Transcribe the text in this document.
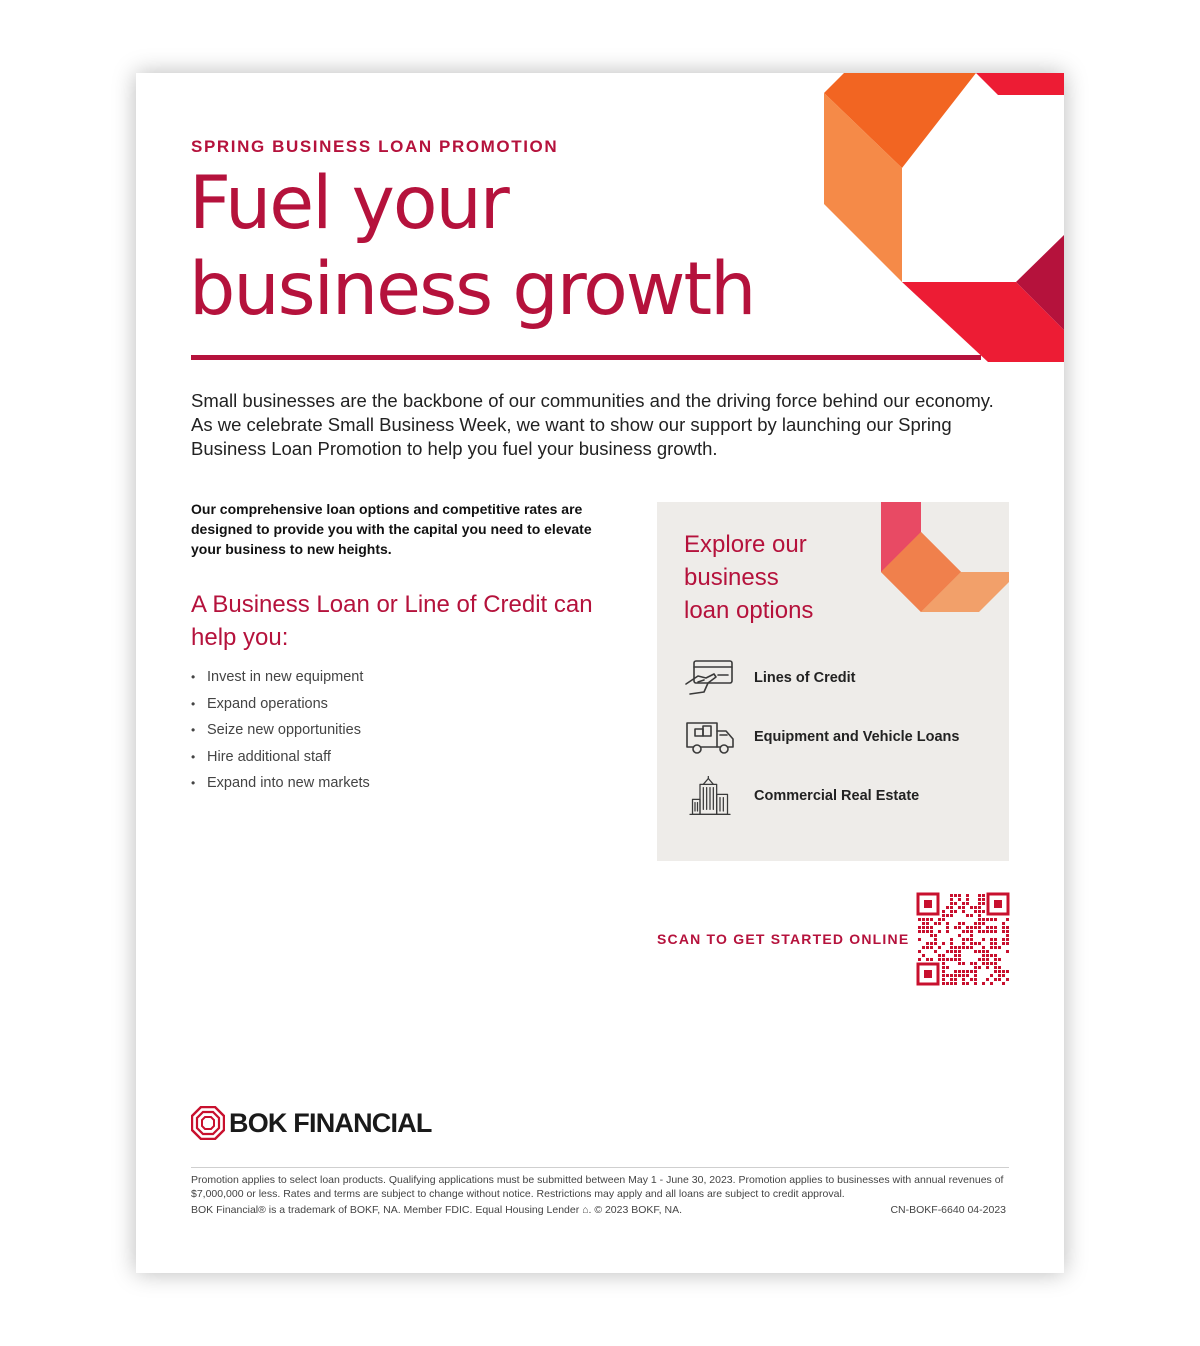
SPRING BUSINESS LOAN PROMOTION
Fuel your
business growth
Small businesses are the backbone of our communities and the driving force behind our economy. As we celebrate Small Business Week, we want to show our support by launching our Spring Business Loan Promotion to help you fuel your business growth.
Our comprehensive loan options and competitive rates are designed to provide you with the capital you need to elevate your business to new heights.
A Business Loan or Line of Credit can help you:
• Invest in new equipment
• Expand operations
• Seize new opportunities
• Hire additional staff
• Expand into new markets
Explore our
business
loan options
Lines of Credit
Equipment and Vehicle Loans
Commercial Real Estate
SCAN TO GET STARTED ONLINE
BOK FINANCIAL
Promotion applies to select loan products. Qualifying applications must be submitted between May 1 - June 30, 2023. Promotion applies to businesses with annual revenues of $7,000,000 or less. Rates and terms are subject to change without notice. Restrictions may apply and all loans are subject to credit approval.
BOK Financial® is a trademark of BOKF, NA. Member FDIC. Equal Housing Lender ⌂. © 2023 BOKF, NA.	CN-BOKF-6640 04-2023
